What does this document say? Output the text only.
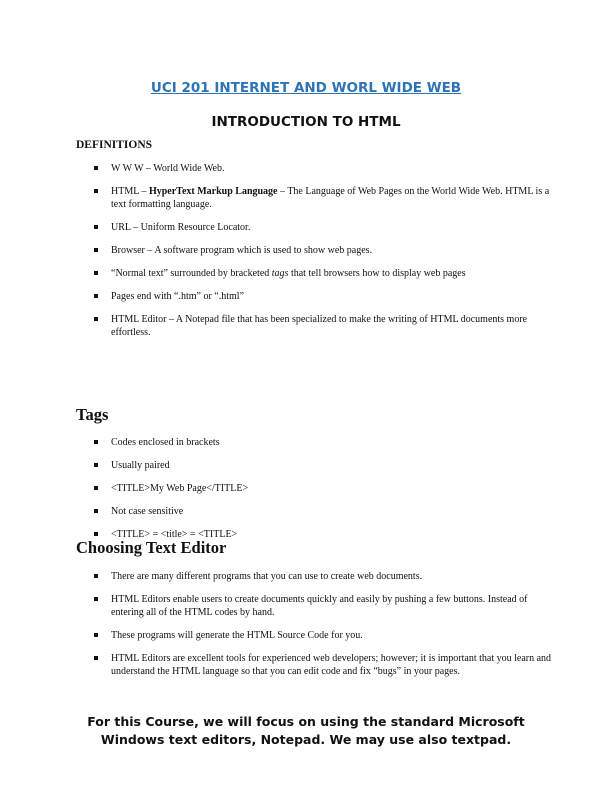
UCI 201 INTERNET AND WORL WIDE WEB
INTRODUCTION TO HTML
DEFINITIONS
W W W – World Wide Web.
HTML – HyperText Markup Language – The Language of Web Pages on the World Wide Web. HTML is a text formatting language.
URL – Uniform Resource Locator.
Browser – A software program which is used to show web pages.
“Normal text” surrounded by bracketed tags that tell browsers how to display web pages
Pages end with “.htm” or “.html”
HTML Editor – A Notepad file that has been specialized to make the writing of HTML documents more effortless.
Tags
Codes enclosed in brackets
Usually paired
<TITLE>My Web Page</TITLE>
Not case sensitive
<TITLE> = <title> = <TITLE>
Choosing Text Editor
There are many different programs that you can use to create web documents.
HTML Editors enable users to create documents quickly and easily by pushing a few buttons. Instead of entering all of the HTML codes by hand.
These programs will generate the HTML Source Code for you.
HTML Editors are excellent tools for experienced web developers; however; it is important that you learn and understand the HTML language so that you can edit code and fix “bugs” in your pages.
For this Course, we will focus on using the standard Microsoft Windows text editors, Notepad. We may use also textpad.
